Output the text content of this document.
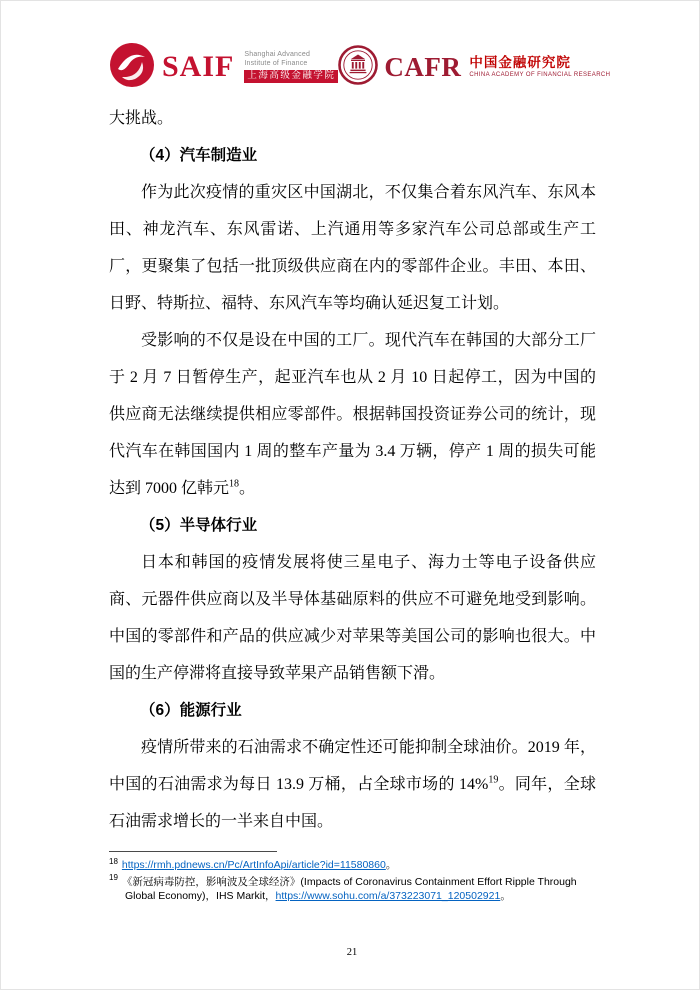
SAIF Shanghai Advanced
Institute of Finance
上海高级金融学院 CAFR 中国金融研究院
CHINA ACADEMY OF FINANCIAL RESEARCH

大挑战。

（4）汽车制造业

作为此次疫情的重灾区中国湖北，不仅集合着东风汽车、东风本田、神龙汽车、东风雷诺、上汽通用等多家汽车公司总部或生产工厂，更聚集了包括一批顶级供应商在内的零部件企业。丰田、本田、日野、特斯拉、福特、东风汽车等均确认延迟复工计划。

受影响的不仅是设在中国的工厂。现代汽车在韩国的大部分工厂于 2 月 7 日暂停生产，起亚汽车也从 2 月 10 日起停工，因为中国的供应商无法继续提供相应零部件。根据韩国投资证券公司的统计，现代汽车在韩国国内 1 周的整车产量为 3.4 万辆，停产 1 周的损失可能达到 7000 亿韩元$^{18}$。

（5）半导体行业

日本和韩国的疫情发展将使三星电子、海力士等电子设备供应商、元器件供应商以及半导体基础原料的供应不可避免地受到影响。中国的零部件和产品的供应减少对苹果等美国公司的影响也很大。中国的生产停滞将直接导致苹果产品销售额下滑。

（6）能源行业

疫情所带来的石油需求不确定性还可能抑制全球油价。2019 年，中国的石油需求为每日 13.9 万桶，占全球市场的 14%$^{19}$。同年，全球石油需求增长的一半来自中国。

$^{18}$ https://rmh.pdnews.cn/Pc/ArtInfoApi/article?id=11580860。
$^{19}$ 《新冠病毒防控，影响波及全球经济》(Impacts of Coronavirus Containment Effort Ripple Through Global Economy)，IHS Markit，https://www.sohu.com/a/373223071_120502921。
21
